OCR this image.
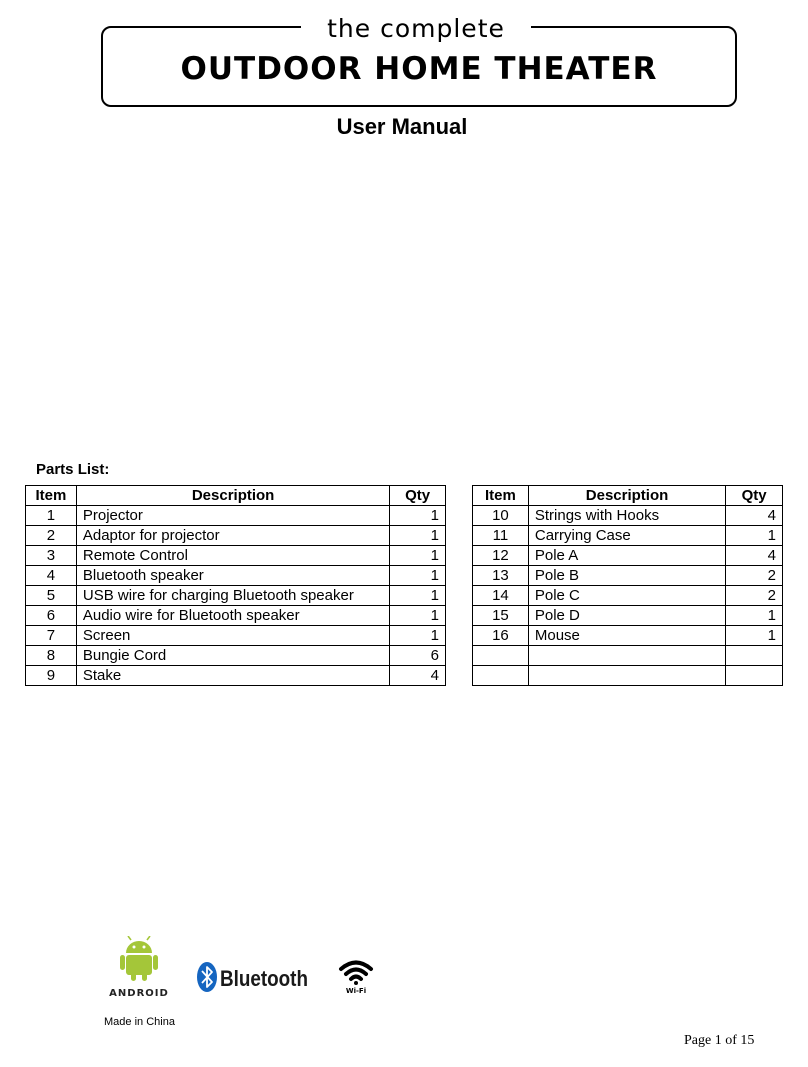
the complete
OUTDOOR HOME THEATER
User Manual
Parts List:
Item	Description	Qty
1	Projector	1
2	Adaptor for projector	1
3	Remote Control	1
4	Bluetooth speaker	1
5	USB wire for charging Bluetooth speaker	1
6	Audio wire for Bluetooth speaker	1
7	Screen	1
8	Bungie Cord	6
9	Stake	4
Item	Description	Qty
10	Strings with Hooks	4
11	Carrying Case	1
12	Pole A	4
13	Pole B	2
14	Pole C	2
15	Pole D	1
16	Mouse	1

ANDROID
Bluetooth	Wi-Fi
Made in China
Page 1 of 15
